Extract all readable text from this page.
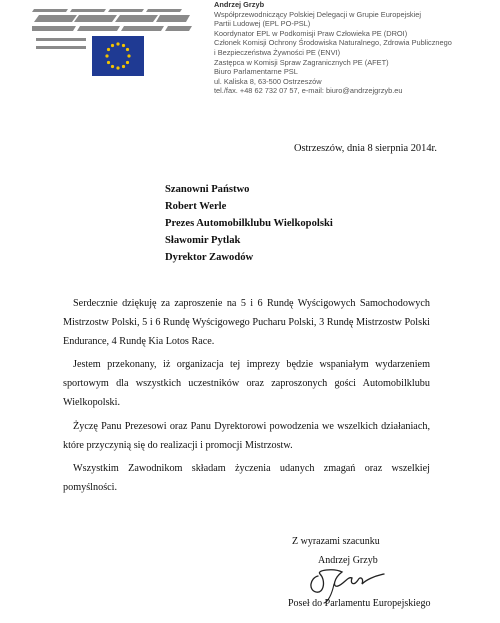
Andrzej Grzyb
Współprzewodniczący Polskiej Delegacji w Grupie Europejskiej
Partii Ludowej (EPL PO-PSL)
Koordynator EPL w Podkomisji Praw Człowieka PE (DROI)
Członek Komisji Ochrony Środowiska Naturalnego, Zdrowia Publicznego
i Bezpieczeństwa Żywności PE (ENVI)
Zastępca w Komisji Spraw Zagranicznych PE (AFET)
Biuro Parlamentarne PSL
ul. Kaliska 8, 63-500 Ostrzeszów
tel./fax. +48 62 732 07 57, e-mail: biuro@andrzejgrzyb.eu
Ostrzeszów, dnia 8 sierpnia 2014r.
Szanowni Państwo
Robert Werle
Prezes Automobilklubu Wielkopolski
Sławomir Pytlak
Dyrektor Zawodów

Serdecznie dziękuję za zaproszenie na 5 i 6 Rundę Wyścigowych Samochodowych Mistrzostw Polski, 5 i 6 Rundę Wyścigowego Pucharu Polski, 3 Rundę Mistrzostw Polski Endurance, 4 Rundę Kia Lotos Race.

Jestem przekonany, iż organizacja tej imprezy będzie wspaniałym wydarzeniem sportowym dla wszystkich uczestników oraz zaproszonych gości Automobilklubu Wielkopolski.

Życzę Panu Prezesowi oraz Panu Dyrektorowi powodzenia we wszelkich działaniach, które przyczynią się do realizacji i promocji Mistrzostw.

Wszystkim Zawodnikom składam życzenia udanych zmagań oraz wszelkiej pomyślności.

Z wyrazami szacunku
Andrzej Grzyb
Poseł do Parlamentu Europejskiego
